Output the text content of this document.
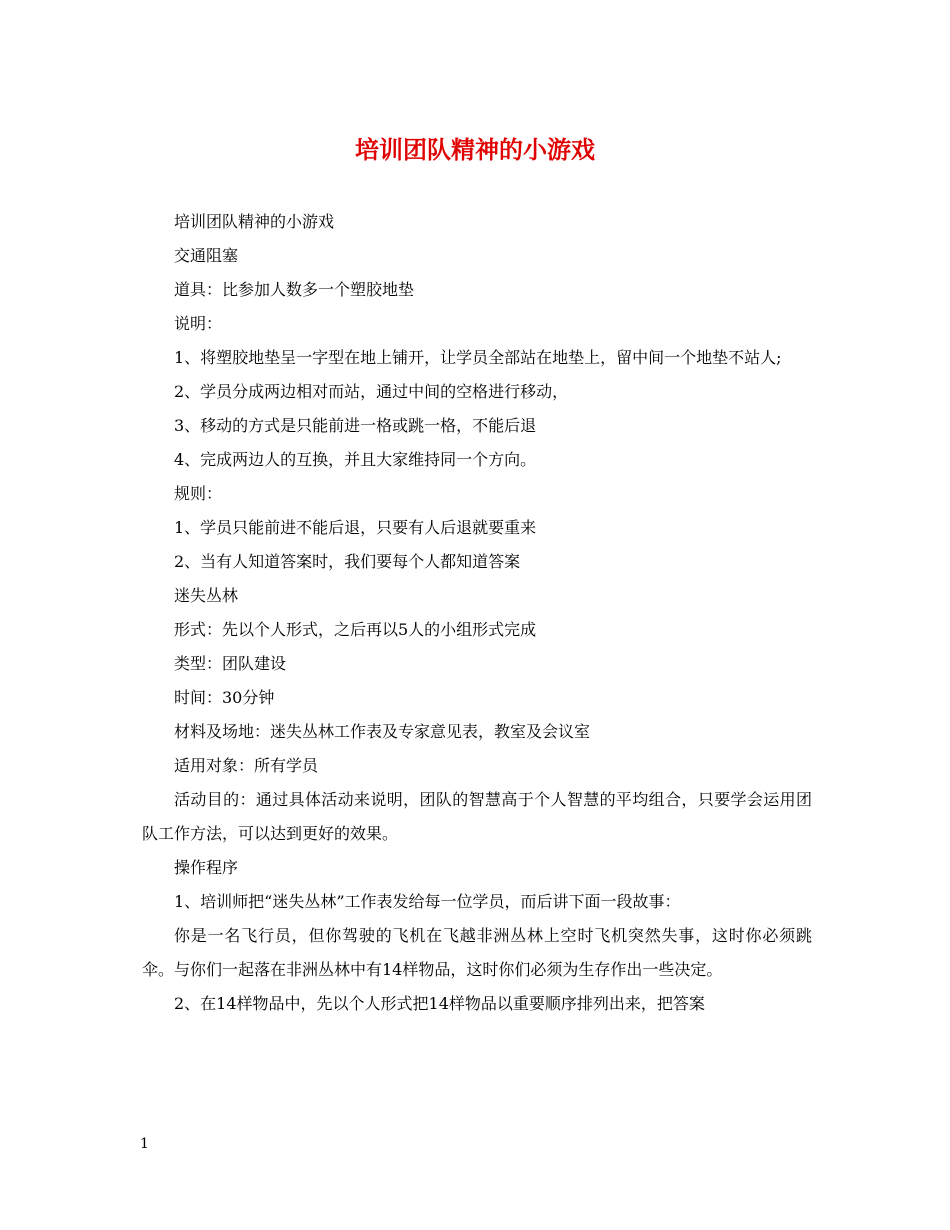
培训团队精神的小游戏

培训团队精神的小游戏

交通阻塞

道具：比参加人数多一个塑胶地垫

说明：

1、将塑胶地垫呈一字型在地上铺开，让学员全部站在地垫上，留中间一个地垫不站人;

2、学员分成两边相对而站，通过中间的空格进行移动，

3、移动的方式是只能前进一格或跳一格，不能后退

4、完成两边人的互换，并且大家维持同一个方向。

规则：

1、学员只能前进不能后退，只要有人后退就要重来

2、当有人知道答案时，我们要每个人都知道答案

迷失丛林

形式：先以个人形式，之后再以5人的小组形式完成

类型：团队建设

时间：30分钟

材料及场地：迷失丛林工作表及专家意见表，教室及会议室

适用对象：所有学员

活动目的：通过具体活动来说明，团队的智慧高于个人智慧的平均组合，只要学会运用团队工作方法，可以达到更好的效果。

操作程序

1、培训师把“迷失丛林”工作表发给每一位学员，而后讲下面一段故事：

你是一名飞行员，但你驾驶的飞机在飞越非洲丛林上空时飞机突然失事，这时你必须跳伞。与你们一起落在非洲丛林中有14样物品，这时你们必须为生存作出一些决定。

2、在14样物品中，先以个人形式把14样物品以重要顺序排列出来，把答案

1
